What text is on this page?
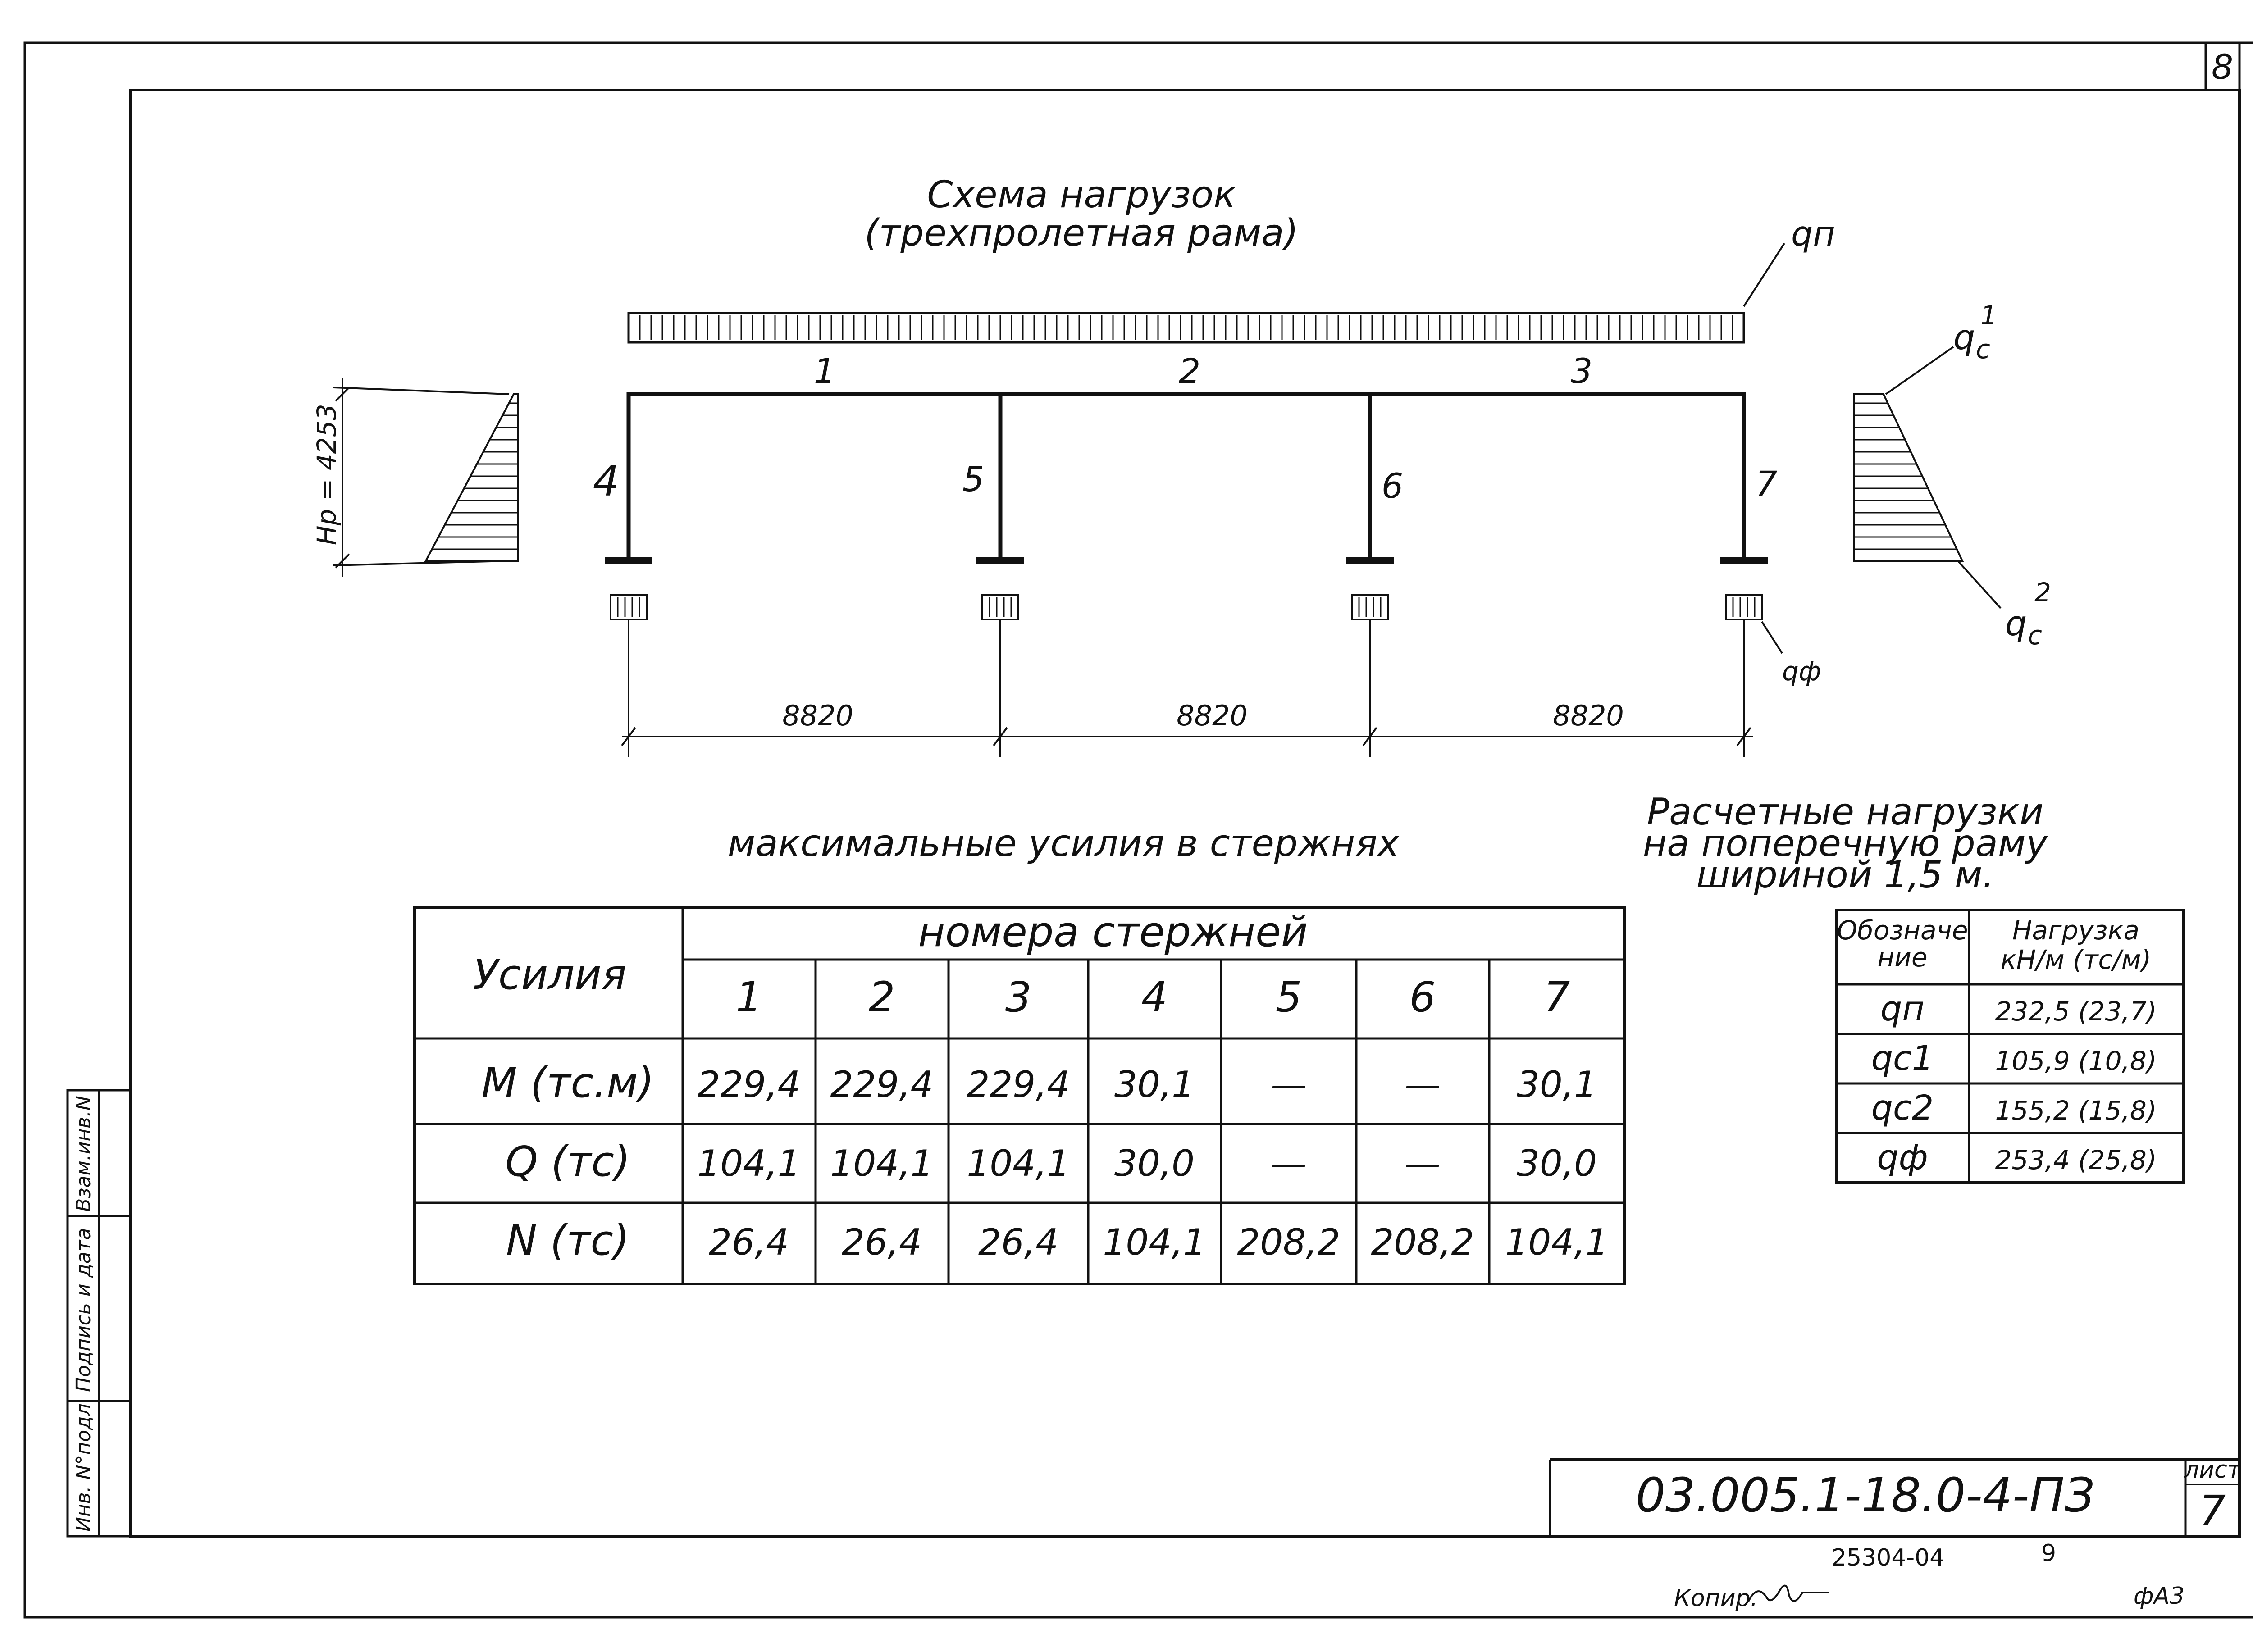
8
Инв. N°подл.
Подпись и дата
Взам.инв.N
Схема нагрузок
(трехпролетная рама)	qп
qф
1	2	3
4	5	6	7
Hр = 4253
q c
1
q c
2
8820	8820	8820
максимальные усилия в стержнях
Усилия
номера стержней
1	2	3	4	5	6	7
M (тс.м) 229,4 229,4 229,4 30,1 —	— 30,1
Q (тс) 104,1 104,1 104,1 30,0 —	— 30,0
N (тс) 26,4 26,4 26,4 104,1 208,2 208,2 104,1
Расчетные нагрузки
на поперечную раму
шириной 1,5 м.
Обозначе
ние
Нагрузка
кН/м (тс/м)
qп	232,5 (23,7)
qc1 105,9 (10,8)
qc2 155,2 (15,8)
qф	253,4 (25,8)
03.005.1-18.0-4-ПЗ	лист
7
25304-04	9
Копир.	фА3
